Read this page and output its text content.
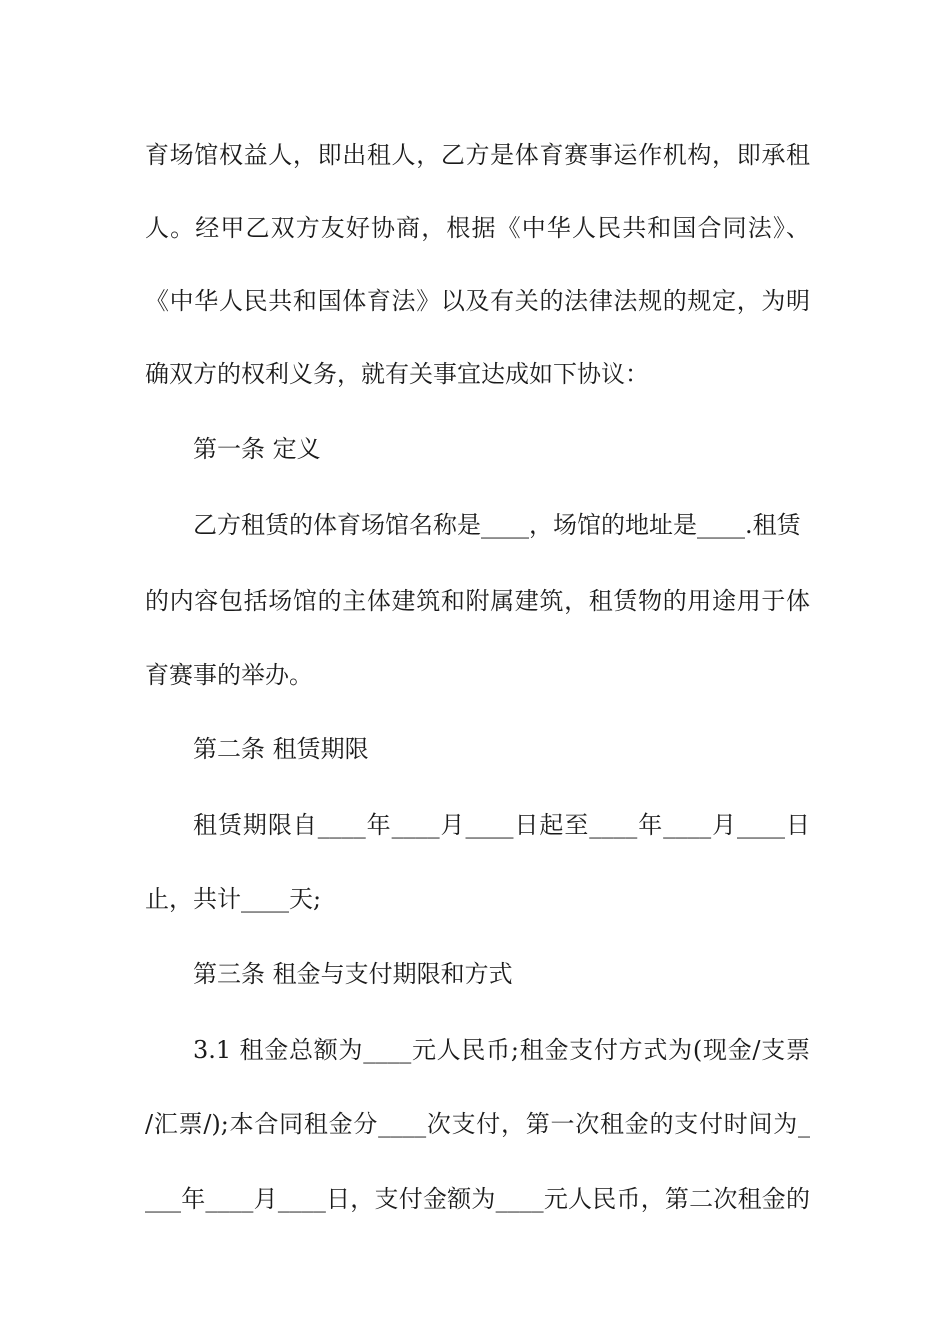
育场馆权益人，即出租人，乙方是体育赛事运作机构，即承租
人。经甲乙双方友好协商，根据《中华人民共和国合同法》、
《中华人民共和国体育法》以及有关的法律法规的规定，为明
确双方的权利义务，就有关事宜达成如下协议：
第一条 定义
乙方租赁的体育场馆名称是____，场馆的地址是____.租赁
的内容包括场馆的主体建筑和附属建筑，租赁物的用途用于体
育赛事的举办。
第二条 租赁期限
租赁期限自____年____月____日起至____年____月____日
止，共计____天;
第三条 租金与支付期限和方式
3.1 租金总额为____元人民币;租金支付方式为(现金/支票
/汇票/);本合同租金分____次支付，第一次租金的支付时间为_
___年____月____日，支付金额为____元人民币，第二次租金的
